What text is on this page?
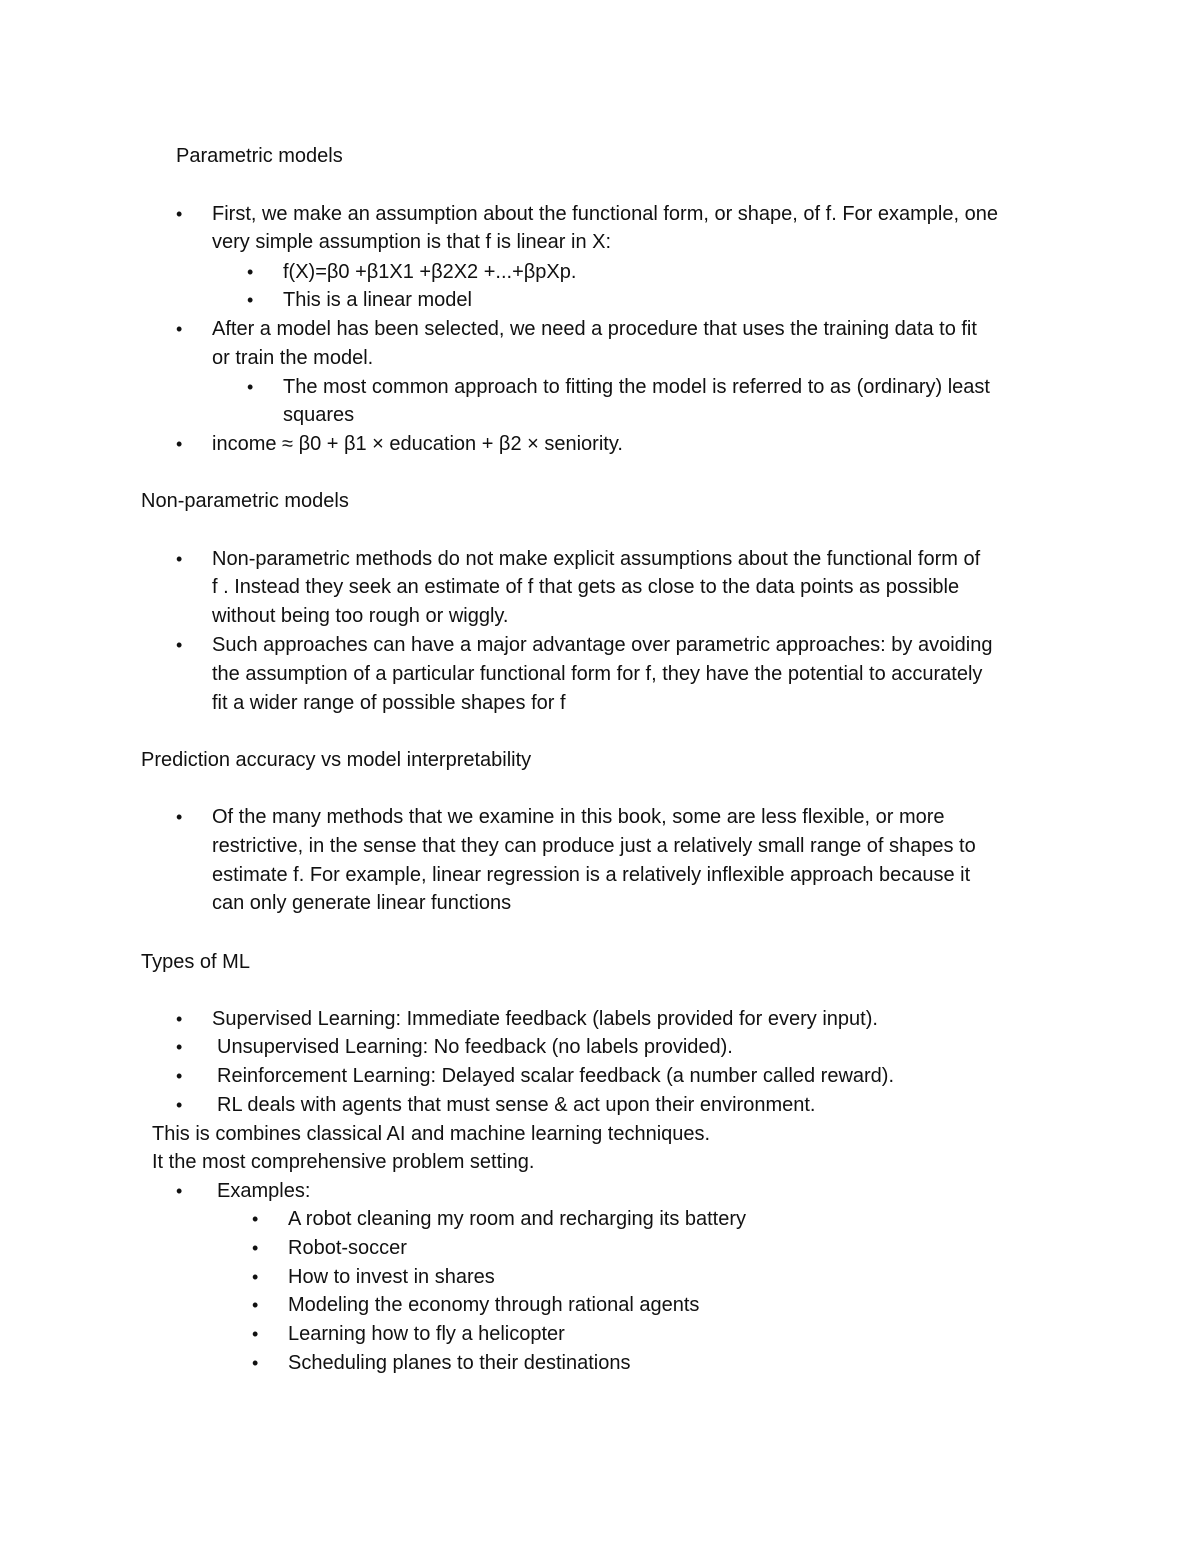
Parametric models
• First, we make an assumption about the functional form, or shape, of f. For example, one
very simple assumption is that f is linear in X:
• f(X)=β0 +β1X1 +β2X2 +...+βpXp.
• This is a linear model
• After a model has been selected, we need a procedure that uses the training data to fit
or train the model.
• The most common approach to fitting the model is referred to as (ordinary) least
squares
• income ≈ β0 + β1 × education + β2 × seniority.
Non-parametric models
• Non-parametric methods do not make explicit assumptions about the functional form of
f . Instead they seek an estimate of f that gets as close to the data points as possible
without being too rough or wiggly.
• Such approaches can have a major advantage over parametric approaches: by avoiding
the assumption of a particular functional form for f, they have the potential to accurately
fit a wider range of possible shapes for f
Prediction accuracy vs model interpretability
• Of the many methods that we examine in this book, some are less flexible, or more
restrictive, in the sense that they can produce just a relatively small range of shapes to
estimate f. For example, linear regression is a relatively inflexible approach because it
can only generate linear functions
Types of ML
• Supervised Learning: Immediate feedback (labels provided for every input).
• Unsupervised Learning: No feedback (no labels provided).
• Reinforcement Learning: Delayed scalar feedback (a number called reward).
• RL deals with agents that must sense & act upon their environment.
This is combines classical AI and machine learning techniques.
It the most comprehensive problem setting.
• Examples:
• A robot cleaning my room and recharging its battery
• Robot-soccer
• How to invest in shares
• Modeling the economy through rational agents
• Learning how to fly a helicopter
• Scheduling planes to their destinations
